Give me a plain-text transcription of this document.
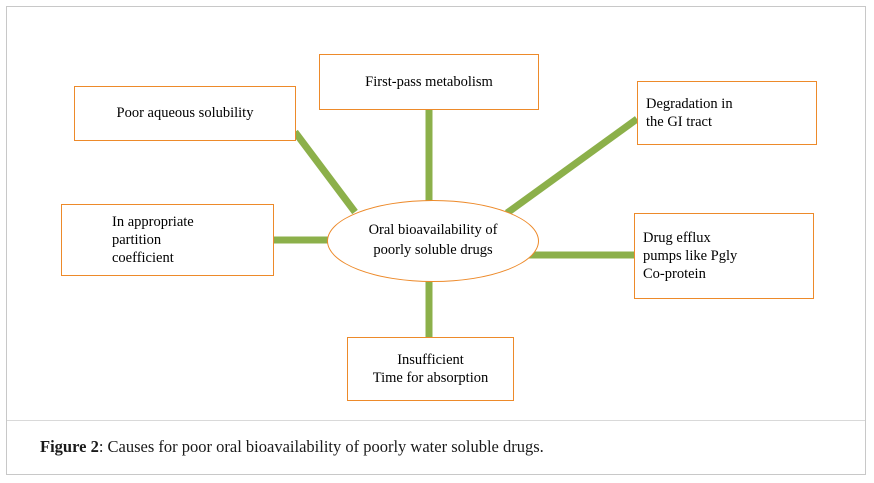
Oral bioavailability of
poorly soluble drugs
Poor aqueous solubility
First-pass metabolism
Degradation in
the GI tract
In appropriate
partition
coefficient
Drug efflux
pumps like Pgly
Co-protein
Insufficient
Time for absorption
Figure 2: Causes for poor oral bioavailability of poorly water soluble drugs.
